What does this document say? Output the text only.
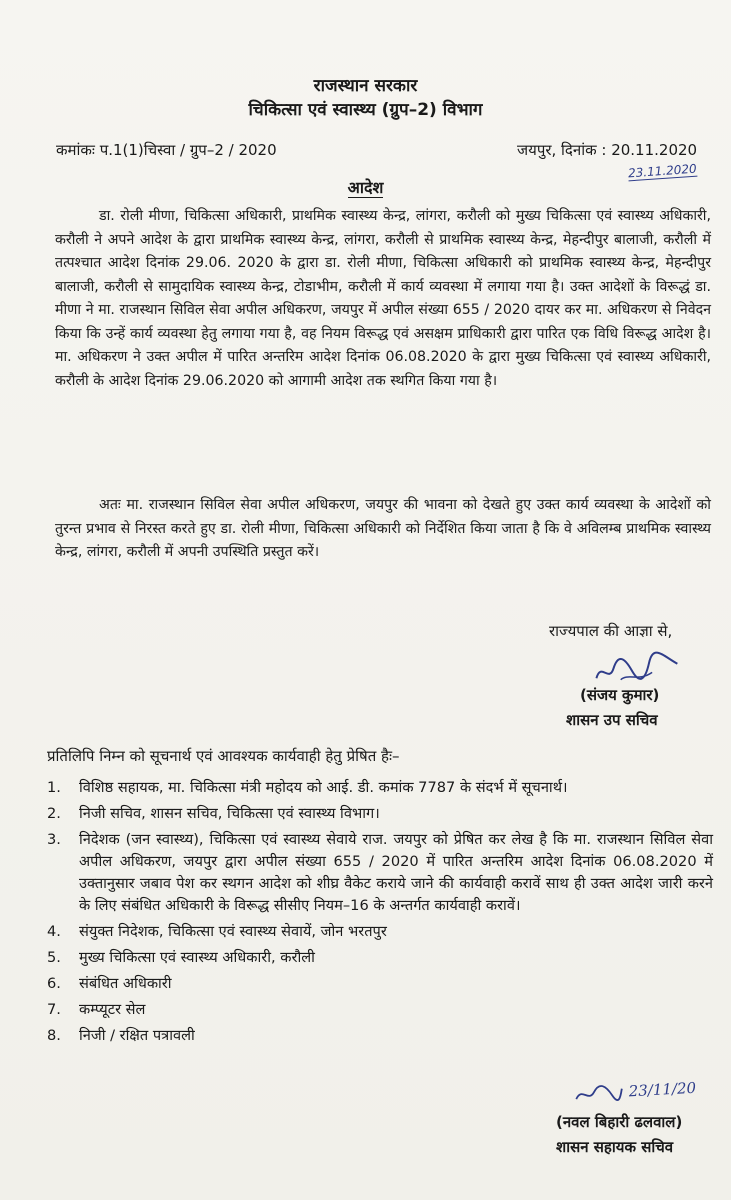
राजस्थान सरकार
चिकित्सा एवं स्वास्थ्य (ग्रुप–2) विभाग
कमांकः प.1(1)चिस्वा / ग्रुप–2 / 2020	जयपुर, दिनांक : 20.11.2020
23.11.2020
आदेश
डा. रोली मीणा, चिकित्सा अधिकारी, प्राथमिक स्वास्थ्य केन्द्र, लांगरा, करौली को मुख्य चिकित्सा एवं स्वास्थ्य अधिकारी, करौली ने अपने आदेश के द्वारा प्राथमिक स्वास्थ्य केन्द्र, लांगरा, करौली से प्राथमिक स्वास्थ्य केन्द्र, मेहन्दीपुर बालाजी, करौली में तत्पश्चात आदेश दिनांक 29.06. 2020 के द्वारा डा. रोली मीणा, चिकित्सा अधिकारी को प्राथमिक स्वास्थ्य केन्द्र, मेहन्दीपुर बालाजी, करौली से सामुदायिक स्वास्थ्य केन्द्र, टोडाभीम, करौली में कार्य व्यवस्था में लगाया गया है। उक्त आदेशों के विरूद्धं डा. मीणा ने मा. राजस्थान सिविल सेवा अपील अधिकरण, जयपुर में अपील संख्या 655 / 2020 दायर कर मा. अधिकरण से निवेदन किया कि उन्हें कार्य व्यवस्था हेतु लगाया गया है, वह नियम विरूद्ध एवं असक्षम प्राधिकारी द्वारा पारित एक विधि विरूद्ध आदेश है। मा. अधिकरण ने उक्त अपील में पारित अन्तरिम आदेश दिनांक 06.08.2020 के द्वारा मुख्य चिकित्सा एवं स्वास्थ्य अधिकारी, करौली के आदेश दिनांक 29.06.2020 को आगामी आदेश तक स्थगित किया गया है।
अतः मा. राजस्थान सिविल सेवा अपील अधिकरण, जयपुर की भावना को देखते हुए उक्त कार्य व्यवस्था के आदेशों को तुरन्त प्रभाव से निरस्त करते हुए डा. रोली मीणा, चिकित्सा अधिकारी को निर्देशित किया जाता है कि वे अविलम्ब प्राथमिक स्वास्थ्य केन्द्र, लांगरा, करौली में अपनी उपस्थिति प्रस्तुत करें।
राज्यपाल की आज्ञा से,
(संजय कुमार)
शासन उप सचिव
प्रतिलिपि निम्न को सूचनार्थ एवं आवश्यक कार्यवाही हेतु प्रेषित हैः–
1.	विशिष्ठ सहायक, मा. चिकित्सा मंत्री महोदय को आई. डी. कमांक 7787 के संदर्भ में सूचनार्थ।
2.	निजी सचिव, शासन सचिव, चिकित्सा एवं स्वास्थ्य विभाग।
3.	निदेशक (जन स्वास्थ्य), चिकित्सा एवं स्वास्थ्य सेवाये राज. जयपुर को प्रेषित कर लेख है कि मा. राजस्थान सिविल सेवा अपील अधिकरण, जयपुर द्वारा अपील संख्या 655 / 2020 में पारित अन्तरिम आदेश दिनांक 06.08.2020 में उक्तानुसार जबाव पेश कर स्थगन आदेश को शीघ्र वैकेट कराये जाने की कार्यवाही करावें साथ ही उक्त आदेश जारी करने के लिए संबंधित अधिकारी के विरूद्ध सीसीए नियम–16 के अन्तर्गत कार्यवाही करावें।
4.	संयुक्त निदेशक, चिकित्सा एवं स्वास्थ्य सेवायें, जोन भरतपुर
5.	मुख्य चिकित्सा एवं स्वास्थ्य अधिकारी, करौली
6.	संबंधित अधिकारी
7.	कम्प्यूटर सेल
8.	निजी / रक्षित पत्रावली
23/11/20
(नवल बिहारी ढलवाल)
शासन सहायक सचिव
